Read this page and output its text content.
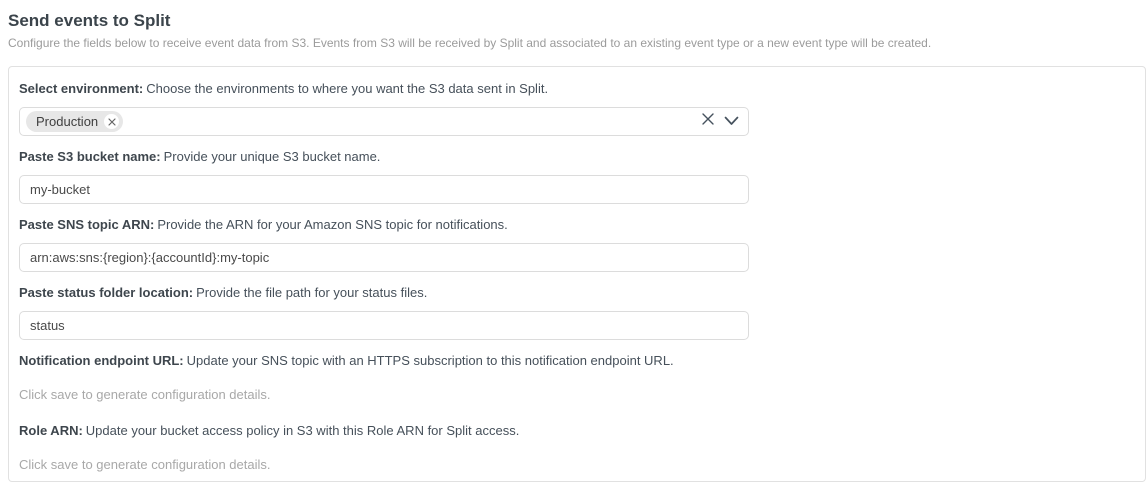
Send events to Split

Configure the fields below to receive event data from S3. Events from S3 will be received by Split and associated to an existing event type or a new event type will be created.

Select environment: Choose the environments to where you want the S3 data sent in Split.
Production
Paste S3 bucket name: Provide your unique S3 bucket name.
my-bucket
Paste SNS topic ARN: Provide the ARN for your Amazon SNS topic for notifications.
arn:aws:sns:{region}:{accountId}:my-topic
Paste status folder location: Provide the file path for your status files.
status
Notification endpoint URL: Update your SNS topic with an HTTPS subscription to this notification endpoint URL.
Click save to generate configuration details.
Role ARN: Update your bucket access policy in S3 with this Role ARN for Split access.
Click save to generate configuration details.
